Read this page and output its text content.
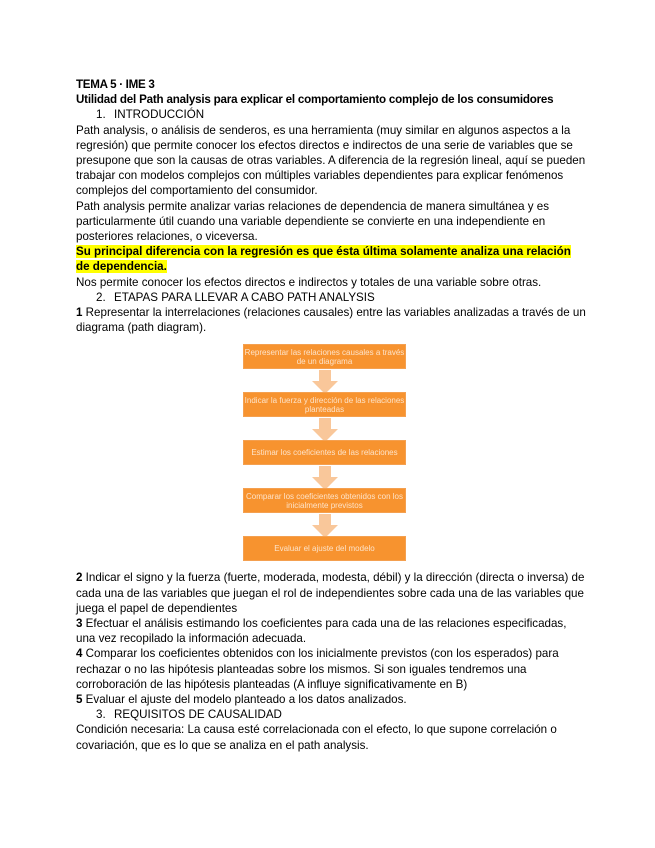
TEMA 5 · IME 3

Utilidad del Path analysis para explicar el comportamiento complejo de los consumidores

1. INTRODUCCIÓN

Path analysis, o análisis de senderos, es una herramienta (muy similar en algunos aspectos a la regresión) que permite conocer los efectos directos e indirectos de una serie de variables que se presupone que son la causas de otras variables. A diferencia de la regresión lineal, aquí se pueden trabajar con modelos complejos con múltiples variables dependientes para explicar fenómenos complejos del comportamiento del consumidor.

Path analysis permite analizar varias relaciones de dependencia de manera simultánea y es particularmente útil cuando una variable dependiente se convierte en una independiente en posteriores relaciones, o viceversa.

Su principal diferencia con la regresión es que ésta última solamente analiza una relación de dependencia.

Nos permite conocer los efectos directos e indirectos y totales de una variable sobre otras.

2. ETAPAS PARA LLEVAR A CABO PATH ANALYSIS

1 Representar la interrelaciones (relaciones causales) entre las variables analizadas a través de un diagrama (path diagram).

Representar las relaciones causales a través de un diagrama
Indicar la fuerza y dirección de las relaciones planteadas
Estimar los coeficientes de las relaciones
Comparar los coeficientes obtenidos con los inicialmente previstos
Evaluar el ajuste del modelo

2 Indicar el signo y la fuerza (fuerte, moderada, modesta, débil) y la dirección (directa o inversa) de cada una de las variables que juegan el rol de independientes sobre cada una de las variables que juega el papel de dependientes

3 Efectuar el análisis estimando los coeficientes para cada una de las relaciones especificadas, una vez recopilado la información adecuada.

4 Comparar los coeficientes obtenidos con los inicialmente previstos (con los esperados) para rechazar o no las hipótesis planteadas sobre los mismos. Si son iguales tendremos una corroboración de las hipótesis planteadas (A influye significativamente en B)

5 Evaluar el ajuste del modelo planteado a los datos analizados.

3. REQUISITOS DE CAUSALIDAD

Condición necesaria: La causa esté correlacionada con el efecto, lo que supone correlación o covariación, que es lo que se analiza en el path analysis.
